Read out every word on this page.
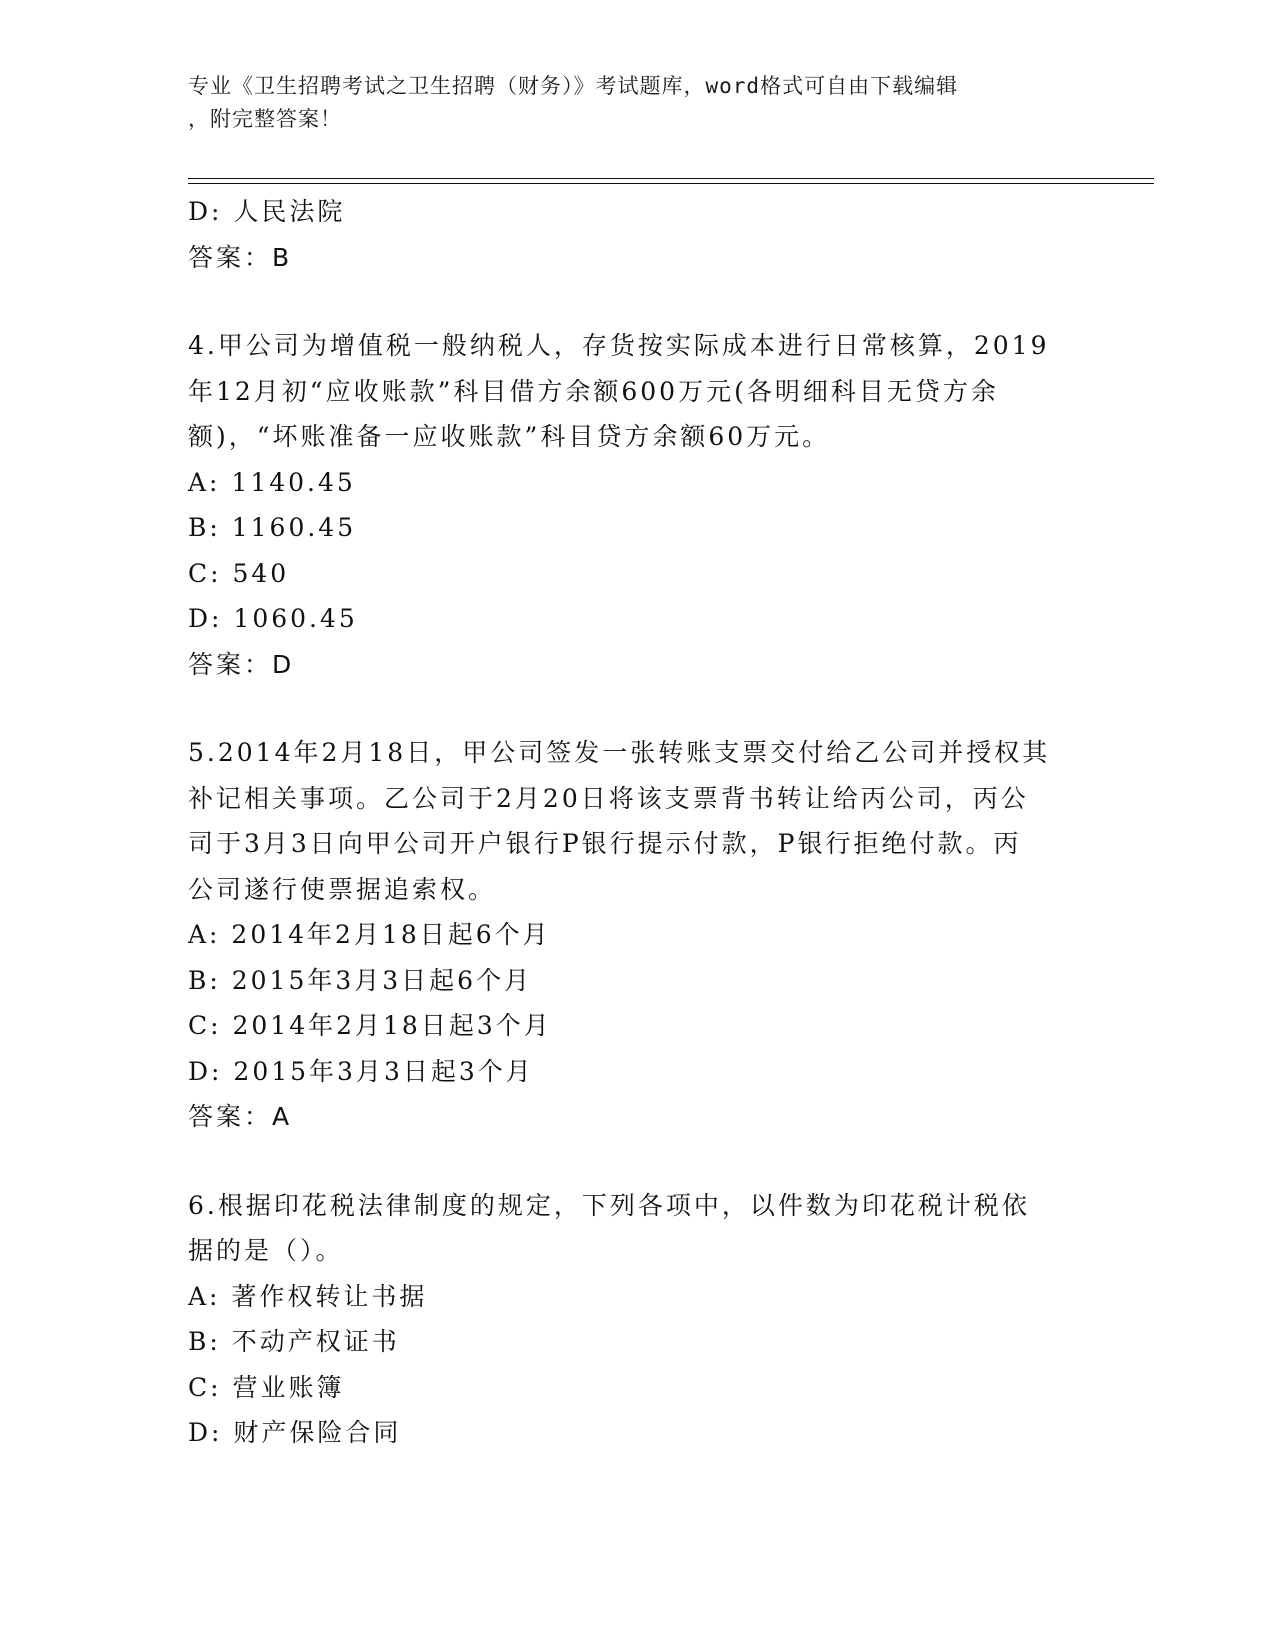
专业《卫生招聘考试之卫生招聘（财务）》考试题库，word格式可自由下载编辑
，附完整答案！
D: 人民法院
答案：B
4.甲公司为增值税一般纳税人，存货按实际成本进行日常核算，2019
年12月初“应收账款”科目借方余额600万元(各明细科目无贷方余
额)，“坏账准备一应收账款”科目贷方余额60万元。
A: 1140.45
B: 1160.45
C: 540
D: 1060.45
答案：D
5.2014年2月18日，甲公司签发一张转账支票交付给乙公司并授权其
补记相关事项。乙公司于2月20日将该支票背书转让给丙公司，丙公
司于3月3日向甲公司开户银行P银行提示付款，P银行拒绝付款。丙
公司遂行使票据追索权。
A: 2014年2月18日起6个月
B: 2015年3月3日起6个月
C: 2014年2月18日起3个月
D: 2015年3月3日起3个月
答案：A
6.根据印花税法律制度的规定，下列各项中，以件数为印花税计税依
据的是（）。
A: 著作权转让书据
B: 不动产权证书
C: 营业账簿
D: 财产保险合同
